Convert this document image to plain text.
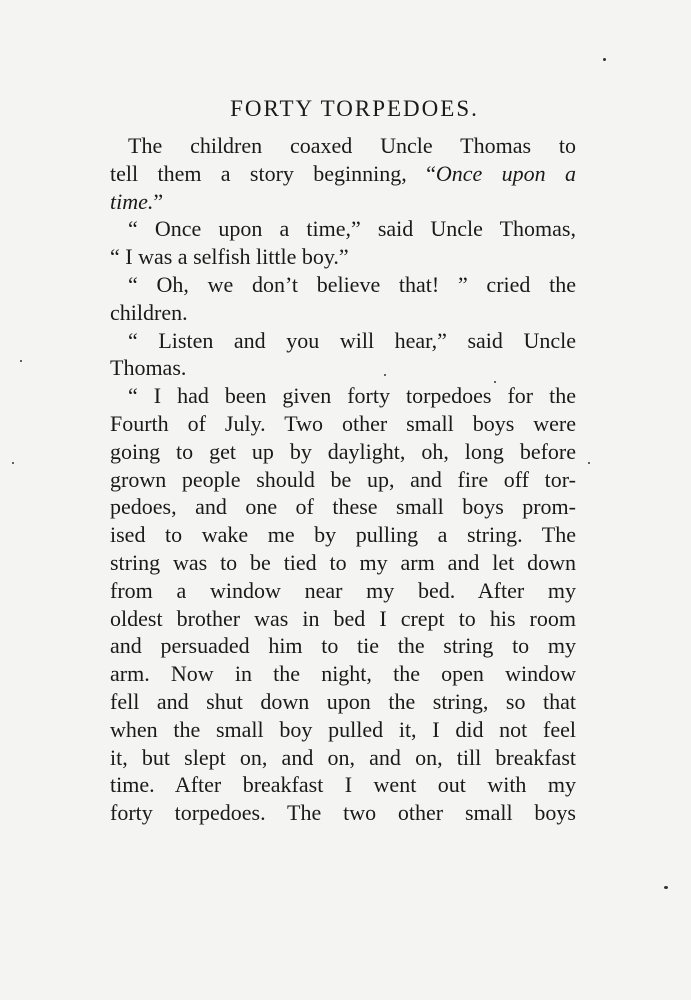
FORTY TORPEDOES.
The children coaxed Uncle Thomas to
tell them a story beginning, “Once upon a
time.”
“ Once upon a time,” said Uncle Thomas,
“ I was a selfish little boy.”
“ Oh, we don’t believe that! ” cried the
children.
“ Listen and you will hear,” said Uncle
Thomas.
“ I had been given forty torpedoes for the
Fourth of July. Two other small boys were
going to get up by daylight, oh, long before
grown people should be up, and fire off tor-
pedoes, and one of these small boys prom-
ised to wake me by pulling a string. The
string was to be tied to my arm and let down
from a window near my bed. After my
oldest brother was in bed I crept to his room
and persuaded him to tie the string to my
arm. Now in the night, the open window
fell and shut down upon the string, so that
when the small boy pulled it, I did not feel
it, but slept on, and on, and on, till breakfast
time. After breakfast I went out with my
forty torpedoes. The two other small boys
